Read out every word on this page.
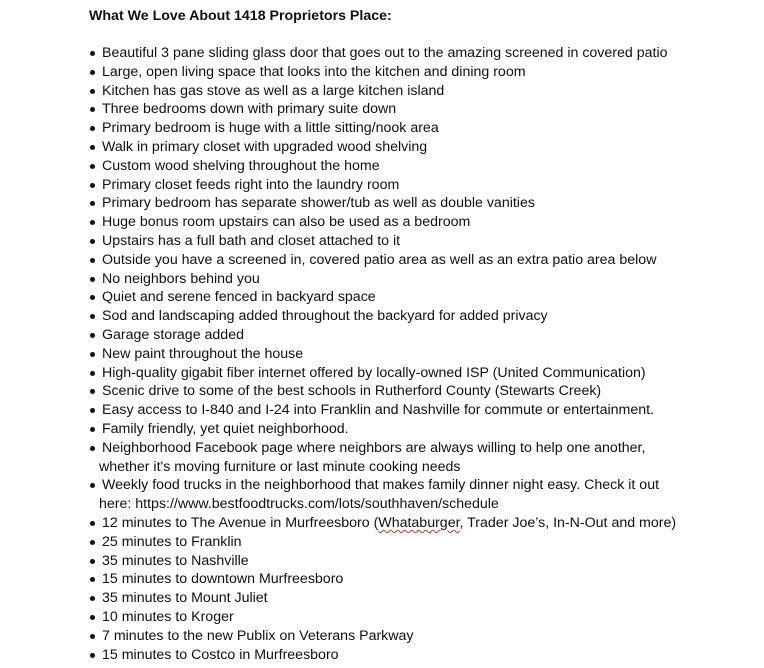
What We Love About 1418 Proprietors Place:
Beautiful 3 pane sliding glass door that goes out to the amazing screened in covered patio
Large, open living space that looks into the kitchen and dining room
Kitchen has gas stove as well as a large kitchen island
Three bedrooms down with primary suite down
Primary bedroom is huge with a little sitting/nook area
Walk in primary closet with upgraded wood shelving
Custom wood shelving throughout the home
Primary closet feeds right into the laundry room
Primary bedroom has separate shower/tub as well as double vanities
Huge bonus room upstairs can also be used as a bedroom
Upstairs has a full bath and closet attached to it
Outside you have a screened in, covered patio area as well as an extra patio area below
No neighbors behind you
Quiet and serene fenced in backyard space
Sod and landscaping added throughout the backyard for added privacy
Garage storage added
New paint throughout the house
High-quality gigabit fiber internet offered by locally-owned ISP (United Communication)
Scenic drive to some of the best schools in Rutherford County (Stewarts Creek)
Easy access to I-840 and I-24 into Franklin and Nashville for commute or entertainment.
Family friendly, yet quiet neighborhood.
Neighborhood Facebook page where neighbors are always willing to help one another,
whether it's moving furniture or last minute cooking needs
Weekly food trucks in the neighborhood that makes family dinner night easy. Check it out
here: https://www.bestfoodtrucks.com/lots/southhaven/schedule
12 minutes to The Avenue in Murfreesboro (Whataburger, Trader Joe’s, In-N-Out and more)
25 minutes to Franklin
35 minutes to Nashville
15 minutes to downtown Murfreesboro
35 minutes to Mount Juliet
10 minutes to Kroger
7 minutes to the new Publix on Veterans Parkway
15 minutes to Costco in Murfreesboro
